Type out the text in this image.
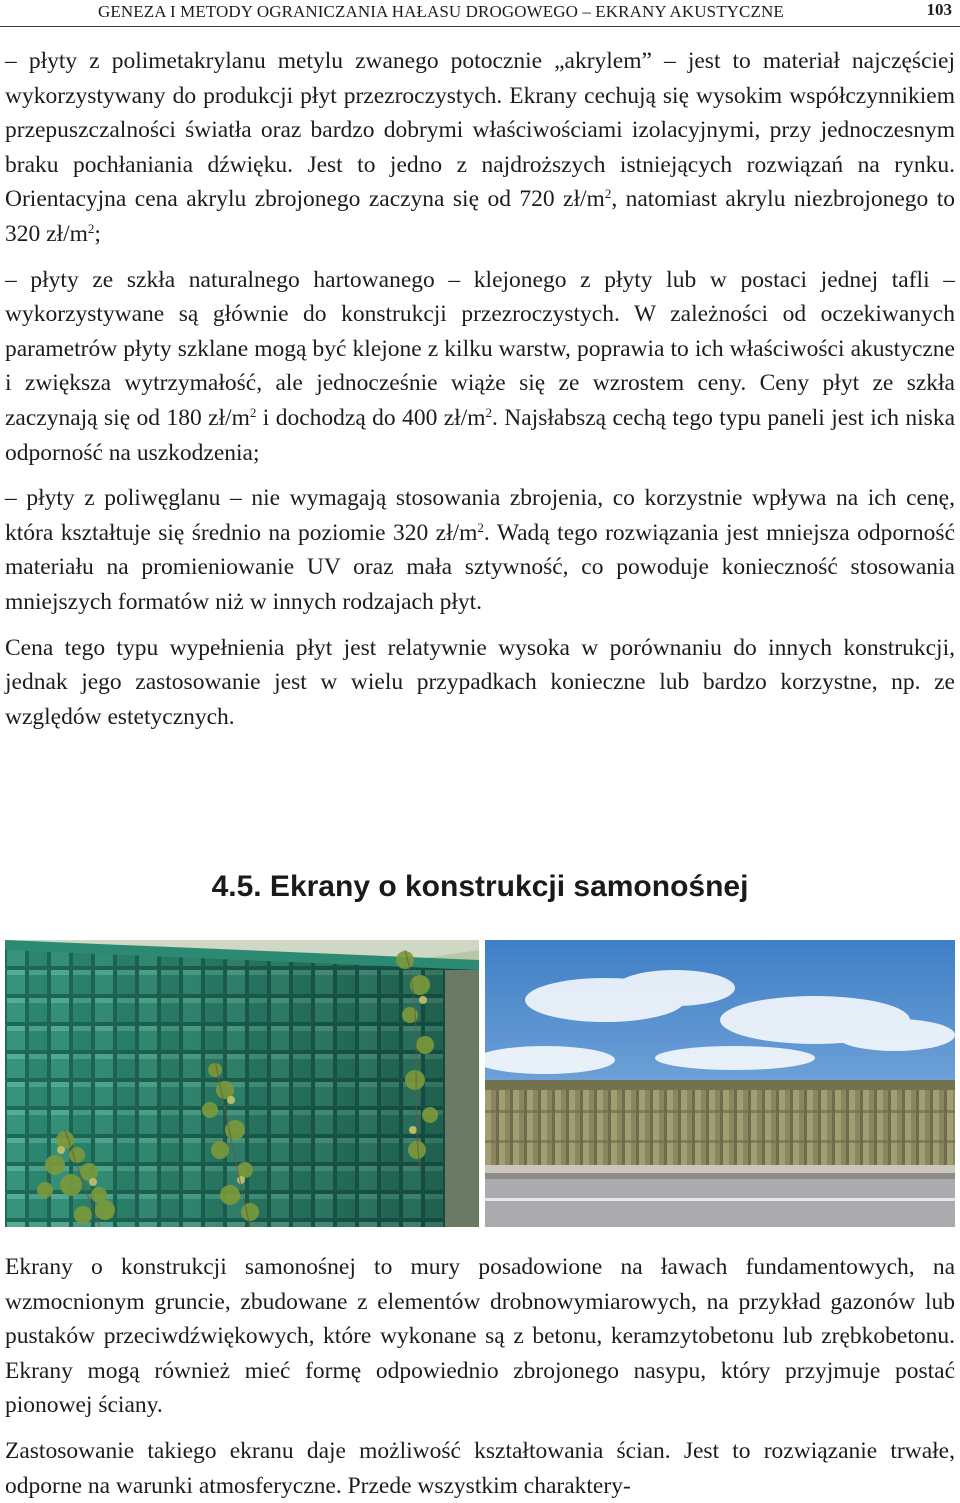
GENEZA I METODY OGRANICZANIA HAŁASU DROGOWEGO – EKRANY AKUSTYCZNE	103

– płyty z polimetakrylanu metylu zwanego potocznie „akrylem” – jest to materiał najczęściej wykorzystywany do produkcji płyt przezroczystych. Ekrany cechują się wysokim współczynnikiem przepuszczalności światła oraz bardzo dobrymi właściwościami izolacyjnymi, przy jednoczesnym braku pochłaniania dźwięku. Jest to jedno z najdroższych istniejących rozwiązań na rynku. Orientacyjna cena akrylu zbrojonego zaczyna się od 720 $zł/m^2$, natomiast akrylu niezbrojonego to 320 $zł/m^2$;

– płyty ze szkła naturalnego hartowanego – klejonego z płyty lub w postaci jednej tafli – wykorzystywane są głównie do konstrukcji przezroczystych. W zależności od oczekiwanych parametrów płyty szklane mogą być klejone z kilku warstw, poprawia to ich właściwości akustyczne i zwiększa wytrzymałość, ale jednocześnie wiąże się ze wzrostem ceny. Ceny płyt ze szkła zaczynają się od 180 $zł/m^2$ i dochodzą do 400 $zł/m^2$. Najsłabszą cechą tego typu paneli jest ich niska odporność na uszkodzenia;

– płyty z poliwęglanu – nie wymagają stosowania zbrojenia, co korzystnie wpływa na ich cenę, która kształtuje się średnio na poziomie 320 $zł/m^2$. Wadą tego rozwiązania jest mniejsza odporność materiału na promieniowanie UV oraz mała sztywność, co powoduje konieczność stosowania mniejszych formatów niż w innych rodzajach płyt.

Cena tego typu wypełnienia płyt jest relatywnie wysoka w porównaniu do innych konstrukcji, jednak jego zastosowanie jest w wielu przypadkach konieczne lub bardzo korzystne, np. ze względów estetycznych.

4.5. Ekrany o konstrukcji samonośnej

Ekrany o konstrukcji samonośnej to mury posadowione na ławach fundamentowych, na wzmocnionym gruncie, zbudowane z elementów drobnowymiarowych, na przykład gazonów lub pustaków przeciwdźwiękowych, które wykonane są z betonu, keramzytobetonu lub zrębkobetonu. Ekrany mogą również mieć formę odpowiednio zbrojonego nasypu, który przyjmuje postać pionowej ściany.

Zastosowanie takiego ekranu daje możliwość kształtowania ścian. Jest to rozwiązanie trwałe, odporne na warunki atmosferyczne. Przede wszystkim charaktery-
